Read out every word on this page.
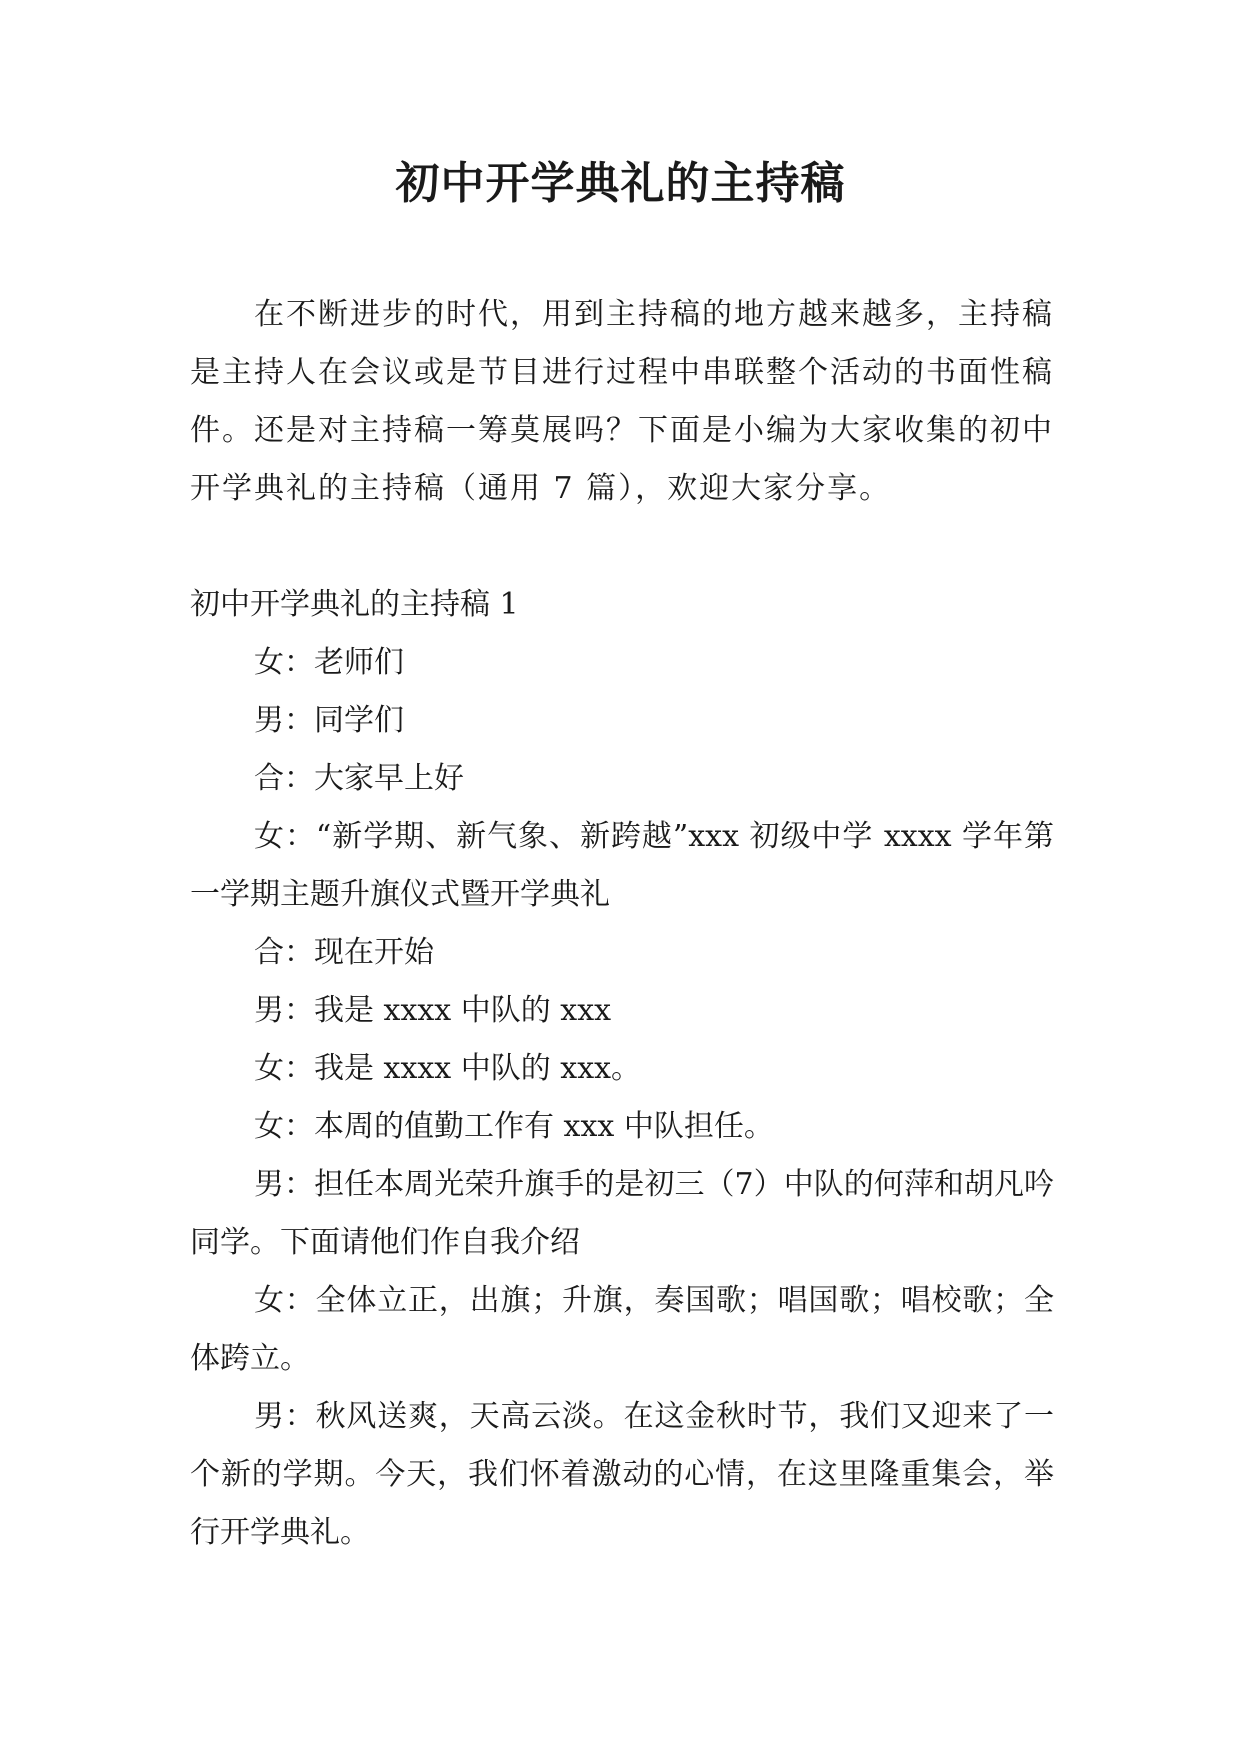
初中开学典礼的主持稿

在不断进步的时代，用到主持稿的地方越来越多，主持稿是主持人在会议或是节目进行过程中串联整个活动的书面性稿件。还是对主持稿一筹莫展吗？下面是小编为大家收集的初中开学典礼的主持稿（通用 7 篇），欢迎大家分享。

初中开学典礼的主持稿 1

女：老师们

男：同学们

合：大家早上好

女：“新学期、新气象、新跨越”xxx 初级中学 xxxx 学年第一学期主题升旗仪式暨开学典礼

合：现在开始

男：我是 xxxx 中队的 xxx

女：我是 xxxx 中队的 xxx。

女：本周的值勤工作有 xxx 中队担任。

男：担任本周光荣升旗手的是初三（7）中队的何萍和胡凡吟同学。下面请他们作自我介绍

女：全体立正，出旗；升旗，奏国歌；唱国歌；唱校歌；全体跨立。

男：秋风送爽，天高云淡。在这金秋时节，我们又迎来了一个新的学期。今天，我们怀着激动的心情，在这里隆重集会，举行开学典礼。
